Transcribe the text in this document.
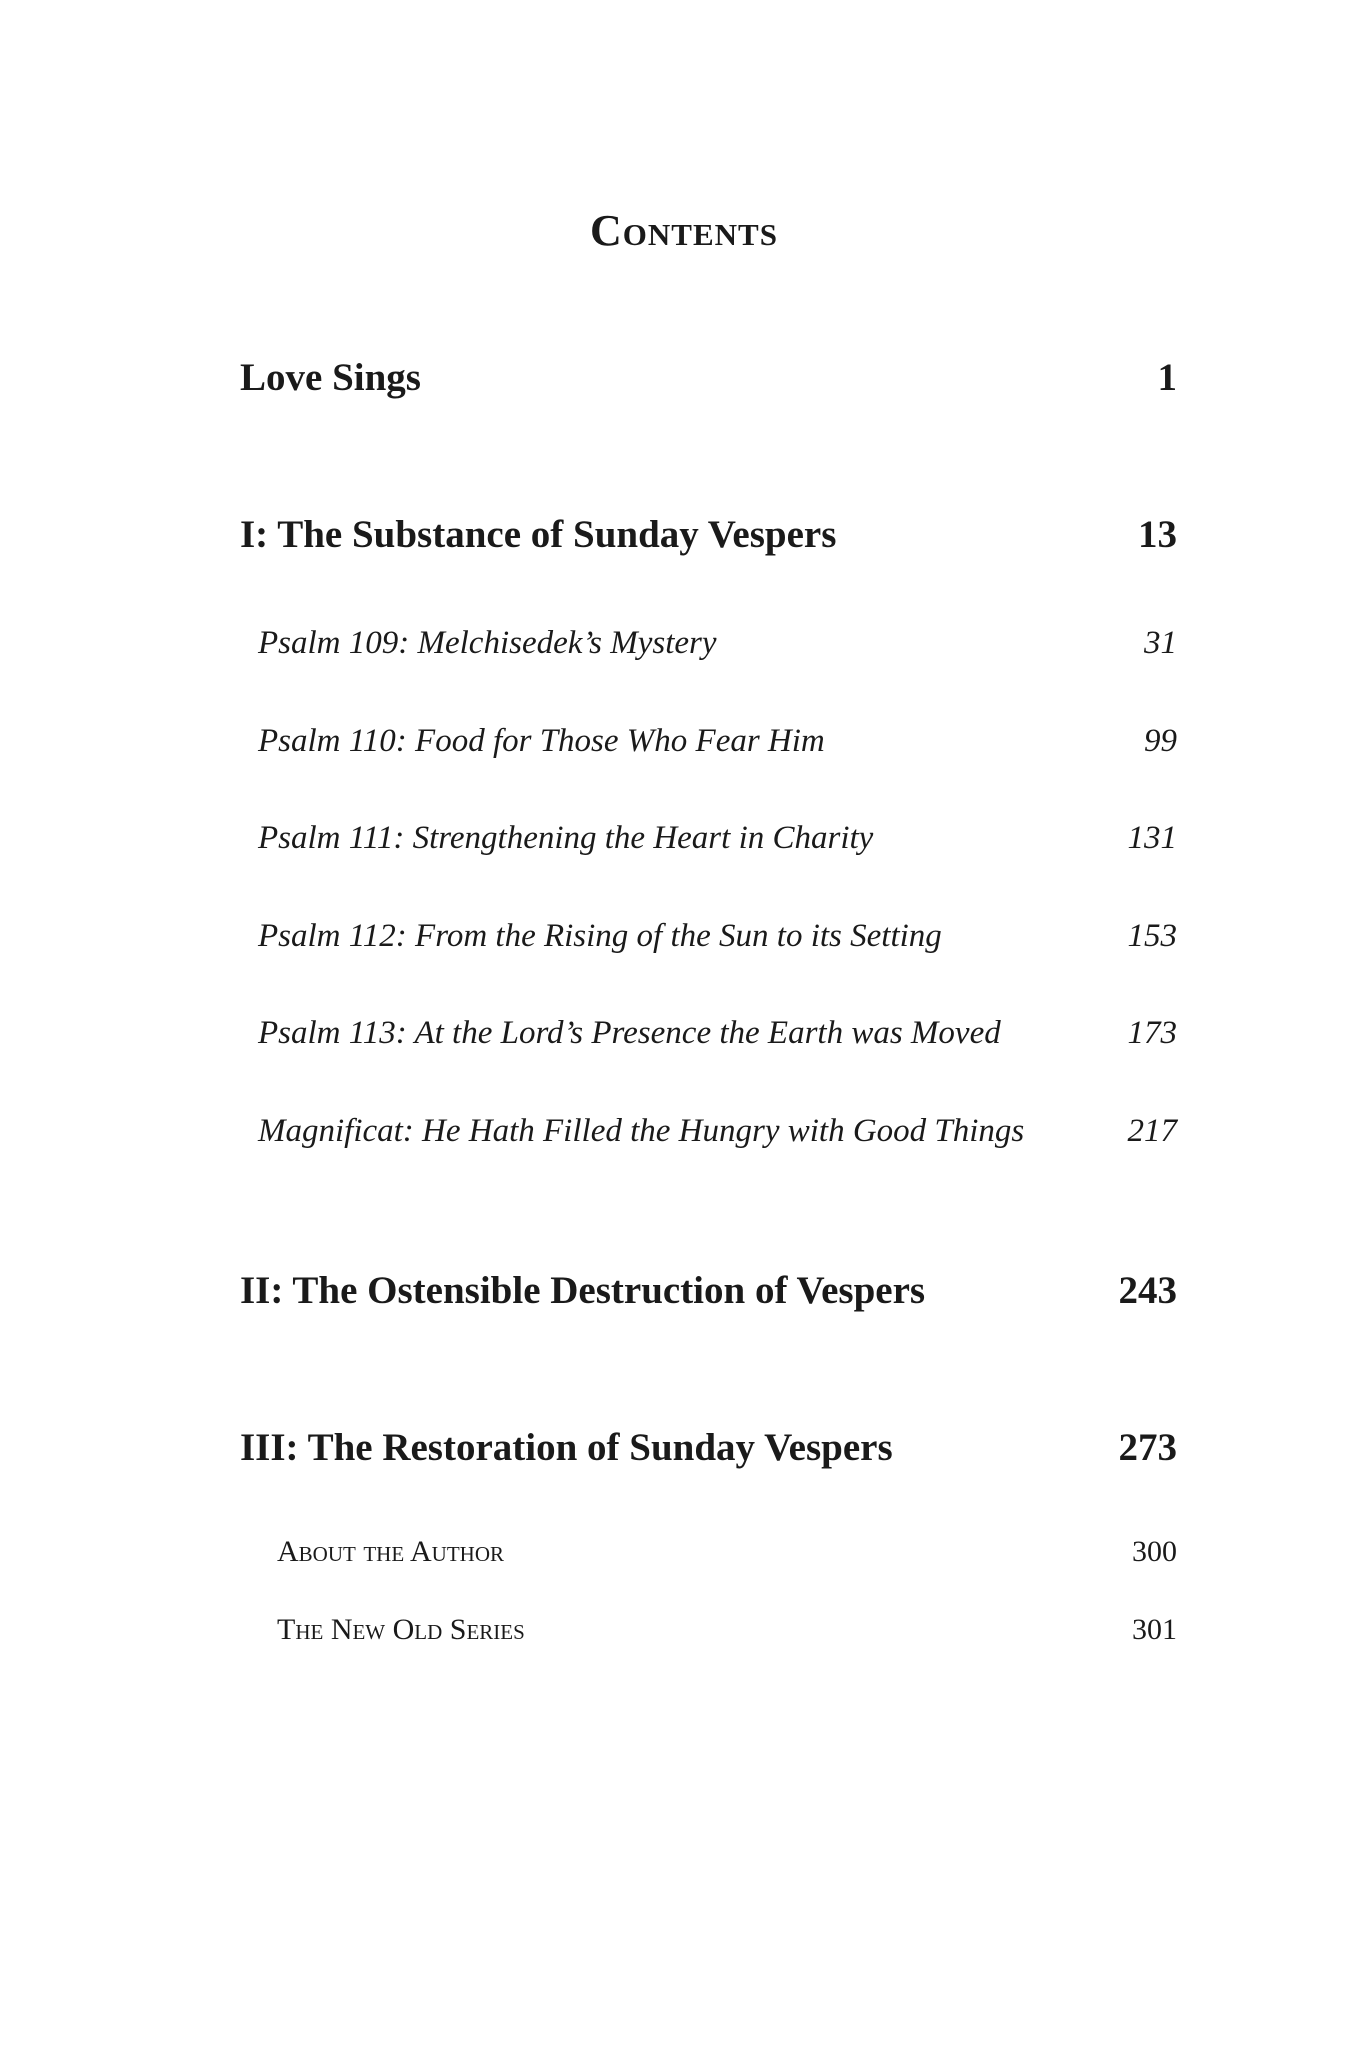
Contents
Love Sings	1
I: The Substance of Sunday Vespers	13
Psalm 109: Melchisedek’s Mystery	31
Psalm 110: Food for Those Who Fear Him	99
Psalm 111: Strengthening the Heart in Charity	131
Psalm 112: From the Rising of the Sun to its Setting	153
Psalm 113: At the Lord’s Presence the Earth was Moved	173
Magnificat: He Hath Filled the Hungry with Good Things	217
II: The Ostensible Destruction of Vespers	243
III: The Restoration of Sunday Vespers	273
About the Author	300
The New Old Series	301
